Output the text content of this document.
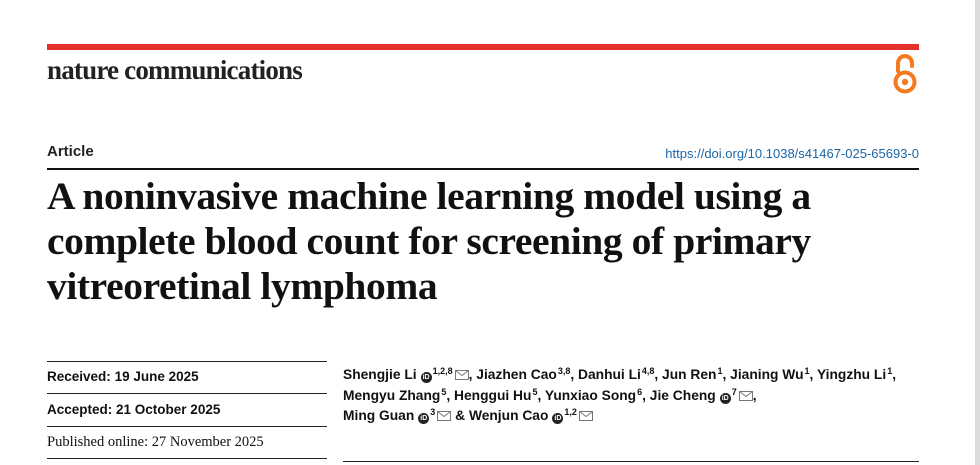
nature communications
Article	https://doi.org/10.1038/s41467-025-65693-0
A noninvasive machine learning model using a complete blood count for screening of primary vitreoretinal lymphoma
Received: 19 June 2025
Accepted: 21 October 2025
Published online: 27 November 2025
Shengjie Li iD$^{1,2,8}$ , Jiazhen Cao$^{3,8}$, Danhui Li$^{4,8}$, Jun Ren$^1$, Jianing Wu$^1$, Yingzhu Li$^1$,
Mengyu Zhang$^5$, Henggui Hu$^5$, Yunxiao Song$^6$, Jie Cheng $iD^7$ ,
Ming Guan $iD^3$ & Wenjun Cao iD$^{1,2}$
